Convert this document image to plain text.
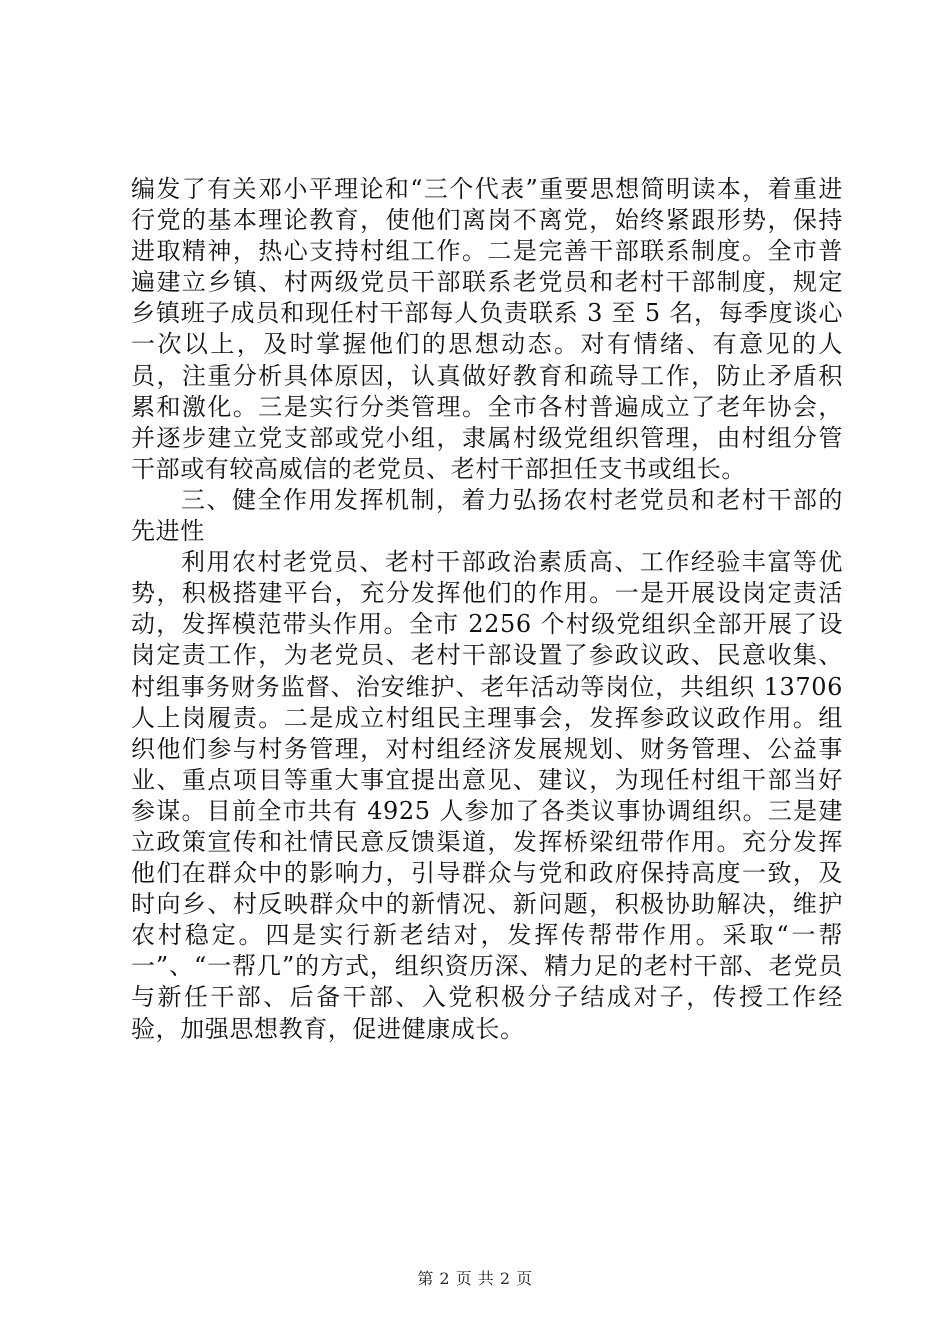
编发了有关邓小平理论和“三个代表”重要思想简明读本，着重进行党的基本理论教育，使他们离岗不离党，始终紧跟形势，保持进取精神，热心支持村组工作。二是完善干部联系制度。全市普遍建立乡镇、村两级党员干部联系老党员和老村干部制度，规定乡镇班子成员和现任村干部每人负责联系 3 至 5 名，每季度谈心一次以上，及时掌握他们的思想动态。对有情绪、有意见的人员，注重分析具体原因，认真做好教育和疏导工作，防止矛盾积累和激化。三是实行分类管理。全市各村普遍成立了老年协会，并逐步建立党支部或党小组，隶属村级党组织管理，由村组分管干部或有较高威信的老党员、老村干部担任支书或组长。

三、健全作用发挥机制，着力弘扬农村老党员和老村干部的先进性

利用农村老党员、老村干部政治素质高、工作经验丰富等优势，积极搭建平台，充分发挥他们的作用。一是开展设岗定责活动，发挥模范带头作用。全市 2256 个村级党组织全部开展了设岗定责工作，为老党员、老村干部设置了参政议政、民意收集、村组事务财务监督、治安维护、老年活动等岗位，共组织 13706 人上岗履责。二是成立村组民主理事会，发挥参政议政作用。组织他们参与村务管理，对村组经济发展规划、财务管理、公益事业、重点项目等重大事宜提出意见、建议，为现任村组干部当好参谋。目前全市共有 4925 人参加了各类议事协调组织。三是建立政策宣传和社情民意反馈渠道，发挥桥梁纽带作用。充分发挥他们在群众中的影响力，引导群众与党和政府保持高度一致，及时向乡、村反映群众中的新情况、新问题，积极协助解决，维护农村稳定。四是实行新老结对，发挥传帮带作用。采取“一帮一”、“一帮几”的方式，组织资历深、精力足的老村干部、老党员与新任干部、后备干部、入党积极分子结成对子，传授工作经验，加强思想教育，促进健康成长。

第 2 页 共 2 页
